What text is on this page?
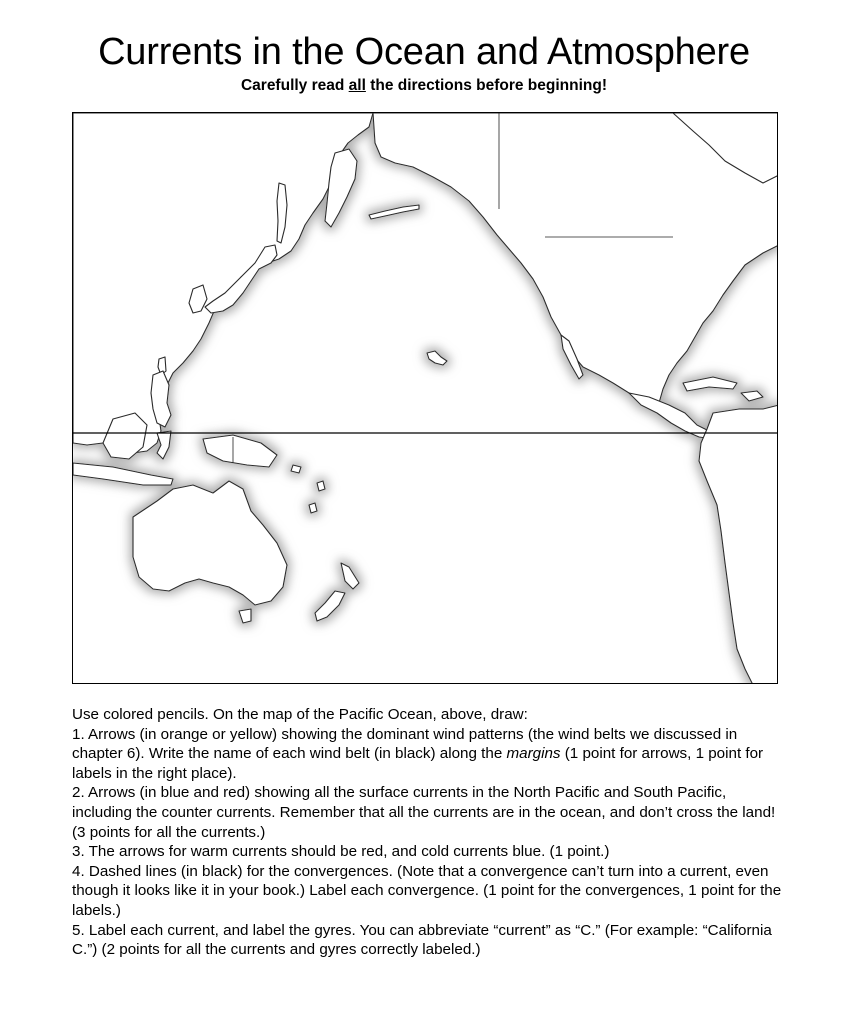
Currents in the Ocean and Atmosphere
Carefully read all the directions before beginning!

Use colored pencils. On the map of the Pacific Ocean, above, draw:

1. Arrows (in orange or yellow) showing the dominant wind patterns (the wind belts we discussed in chapter 6). Write the name of each wind belt (in black) along the margins (1 point for arrows, 1 point for labels in the right place).

2. Arrows (in blue and red) showing all the surface currents in the North Pacific and South Pacific, including the counter currents. Remember that all the currents are in the ocean, and don’t cross the land! (3 points for all the currents.)

3. The arrows for warm currents should be red, and cold currents blue. (1 point.)

4. Dashed lines (in black) for the convergences. (Note that a convergence can’t turn into a current, even though it looks like it in your book.) Label each convergence. (1 point for the convergences, 1 point for the labels.)

5. Label each current, and label the gyres. You can abbreviate “current” as “C.” (For example: “California C.”) (2 points for all the currents and gyres correctly labeled.)
